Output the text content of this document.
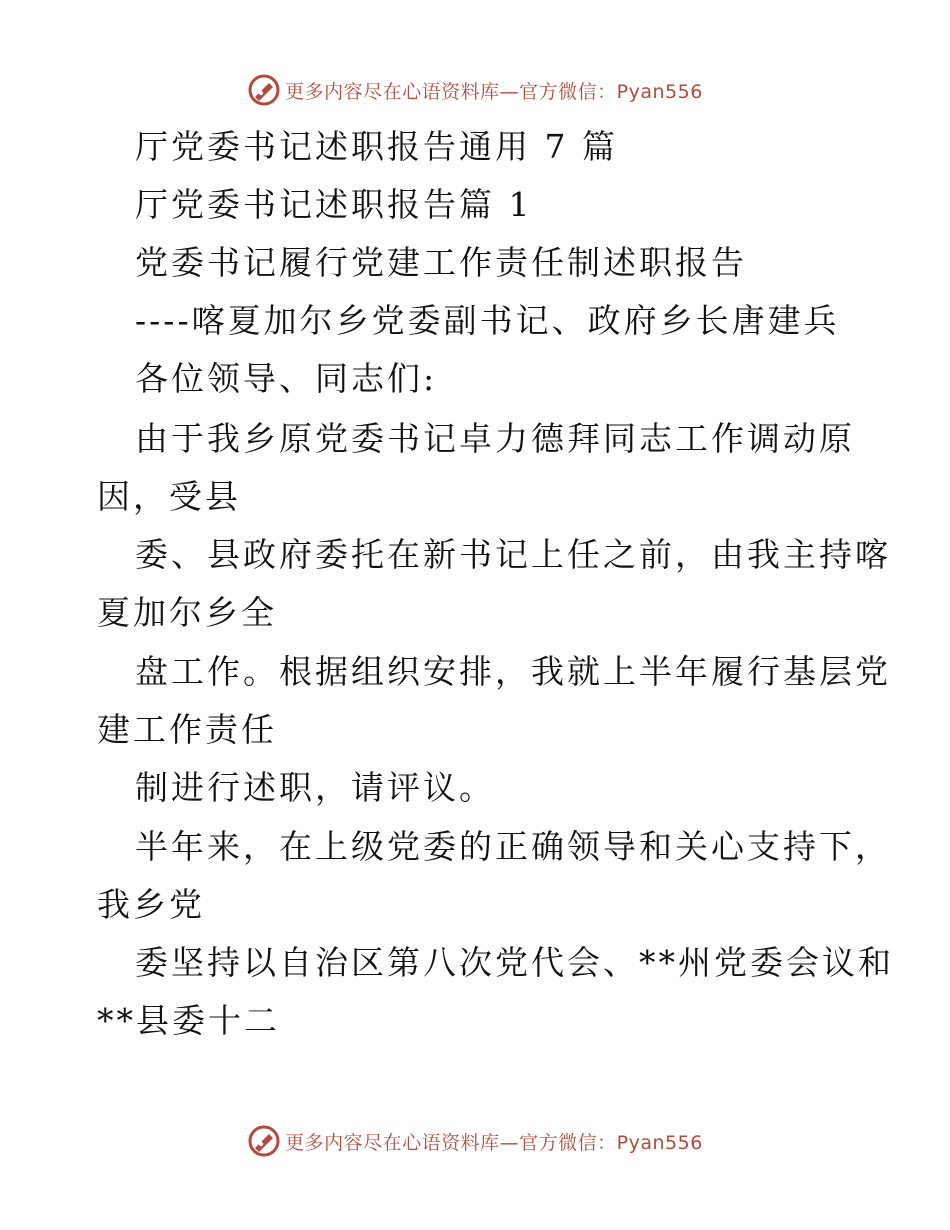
更多内容尽在心语资料库—官方微信：Pyan556
厅党委书记述职报告通用 7 篇
厅党委书记述职报告篇 1
党委书记履行党建工作责任制述职报告
----喀夏加尔乡党委副书记、政府乡长唐建兵
各位领导、同志们:
由于我乡原党委书记卓力德拜同志工作调动原
因，受县
委、县政府委托在新书记上任之前，由我主持喀
夏加尔乡全
盘工作。根据组织安排，我就上半年履行基层党
建工作责任
制进行述职，请评议。
半年来，在上级党委的正确领导和关心支持下，
我乡党
委坚持以自治区第八次党代会、**州党委会议和
**县委十二
更多内容尽在心语资料库—官方微信：Pyan556
